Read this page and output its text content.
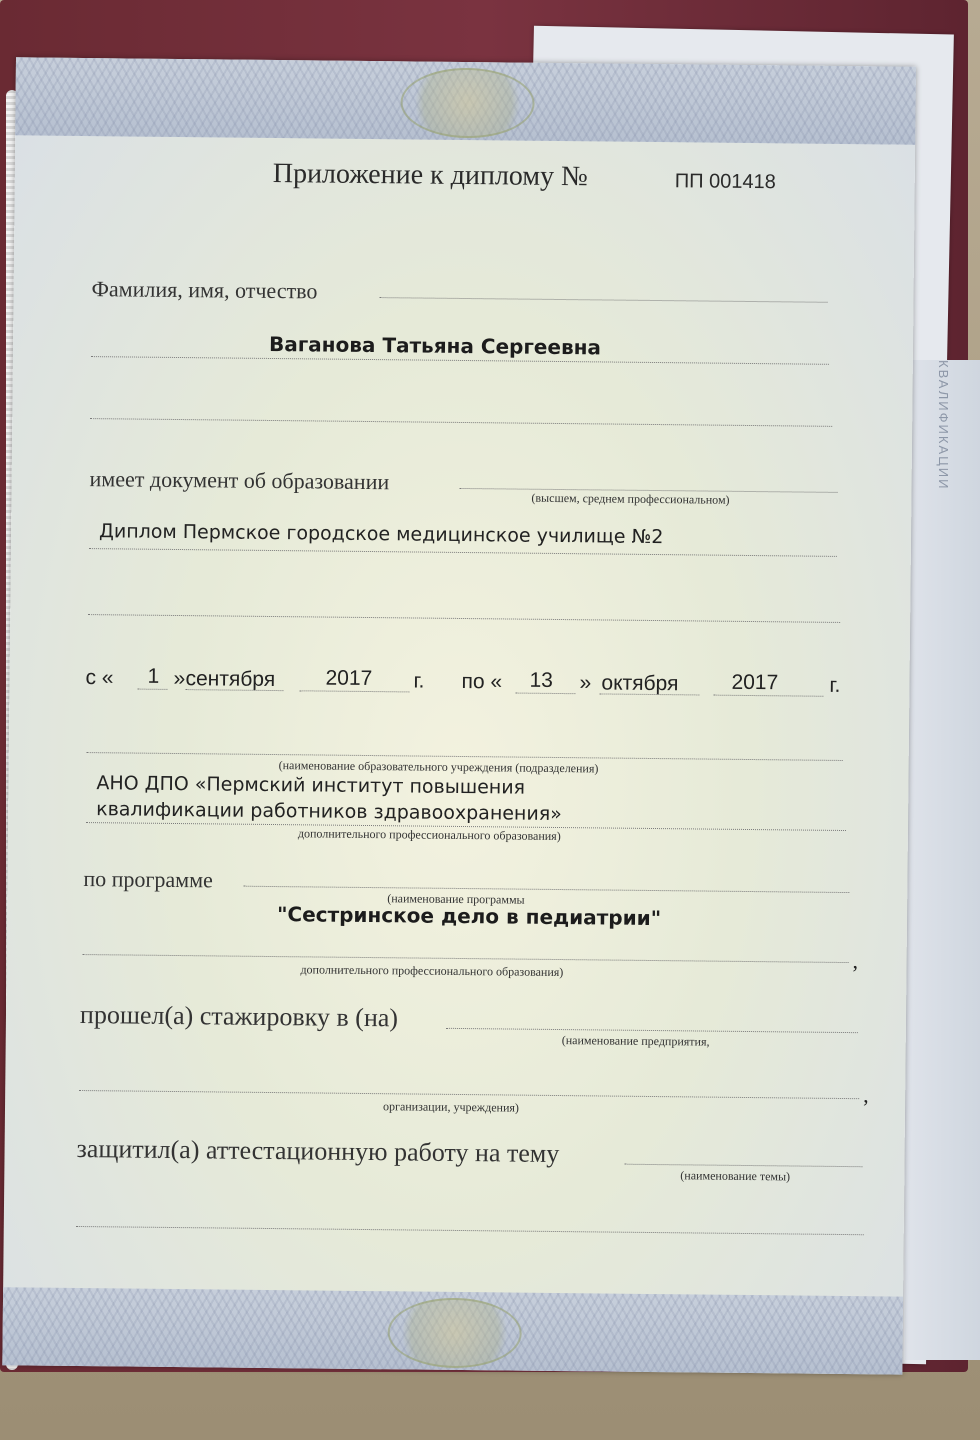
КВАЛИФИКАЦИИ
Приложение к диплому №	ПП 001418
Фамилия, имя, отчество
Ваганова Татьяна Сергеевна
имеет документ об образовании
(высшем, среднем профессиональном)
Диплом Пермское городское медицинское училище №2
с « 1 » сентября 2017 г. по « 13 » октября	2017 г.
(наименование образовательного учреждения (подразделения)
АНО ДПО «Пермский институт повышения
квалификации работников здравоохранения»
дополнительного профессионального образования)
по программе
(наименование программы
"Сестринское дело в педиатрии"
,
дополнительного профессионального образования)
прошел(а) стажировку в (на)
(наименование предприятия,
,
организации, учреждения)
защитил(а) аттестационную работу на тему
(наименование темы)
